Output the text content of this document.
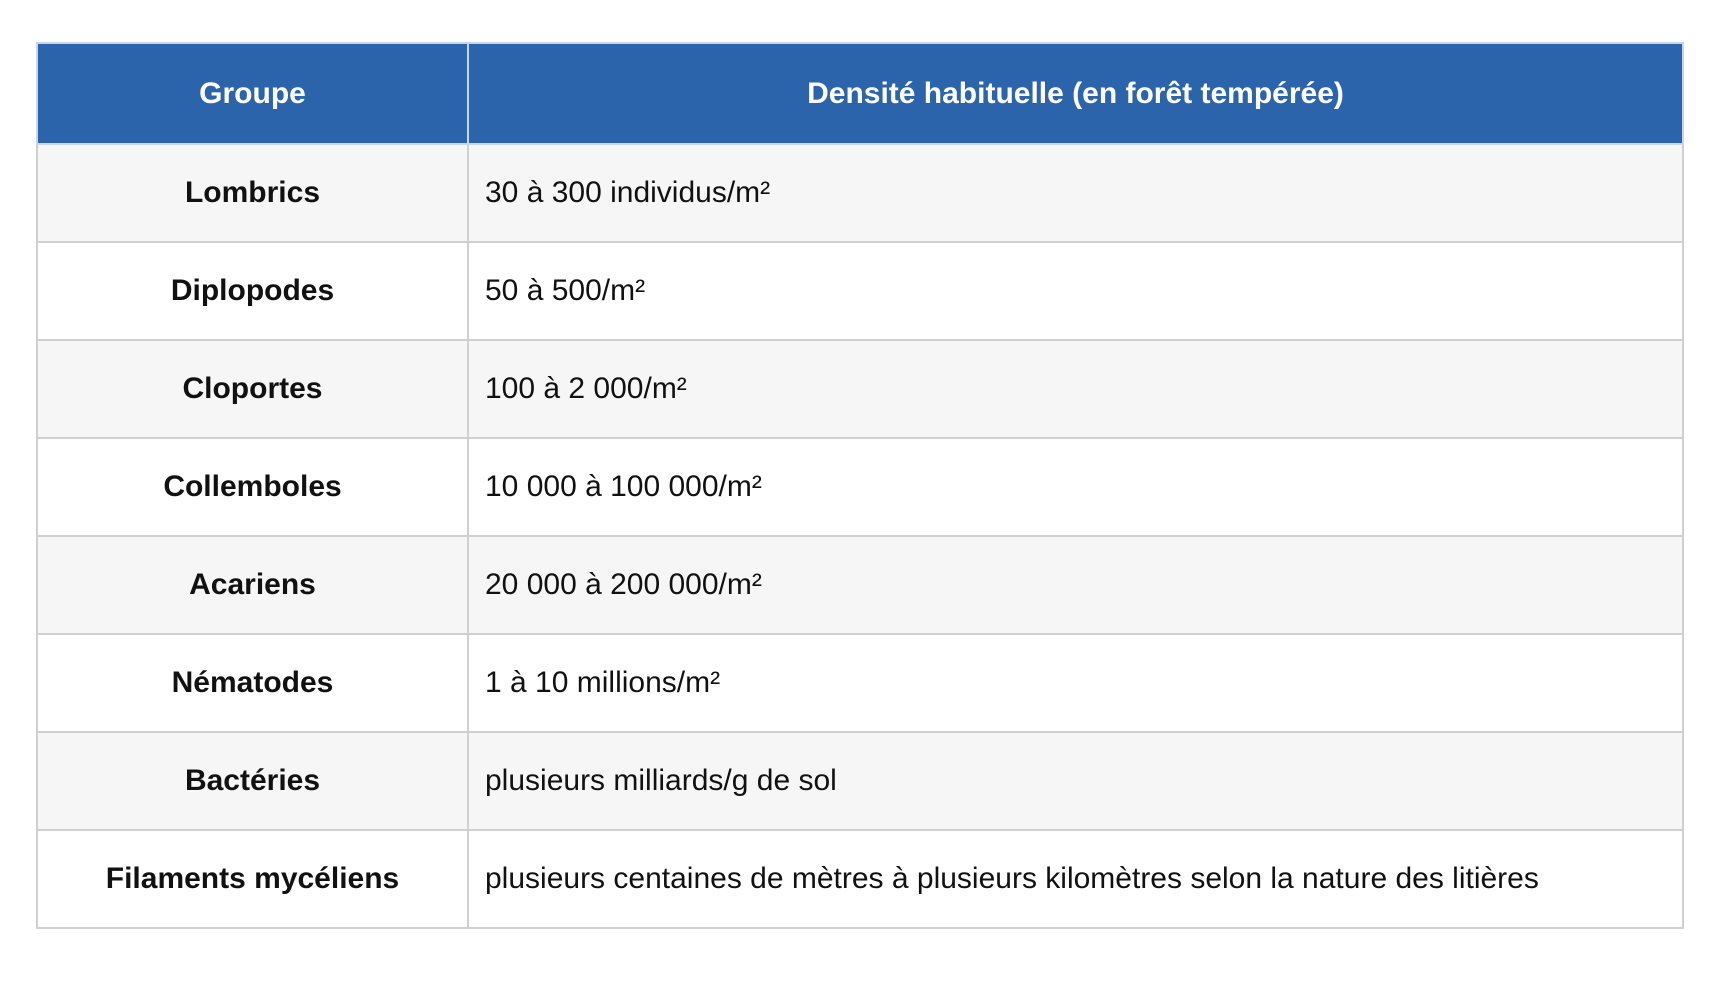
Groupe	Densité habituelle (en forêt tempérée)
Lombrics	30 à 300 individus/m²
Diplopodes	50 à 500/m²
Cloportes	100 à 2 000/m²
Collemboles	10 000 à 100 000/m²
Acariens	20 000 à 200 000/m²
Nématodes	1 à 10 millions/m²
Bactéries	plusieurs milliards/g de sol
Filaments mycéliens	plusieurs centaines de mètres à plusieurs kilomètres selon la nature des litières
